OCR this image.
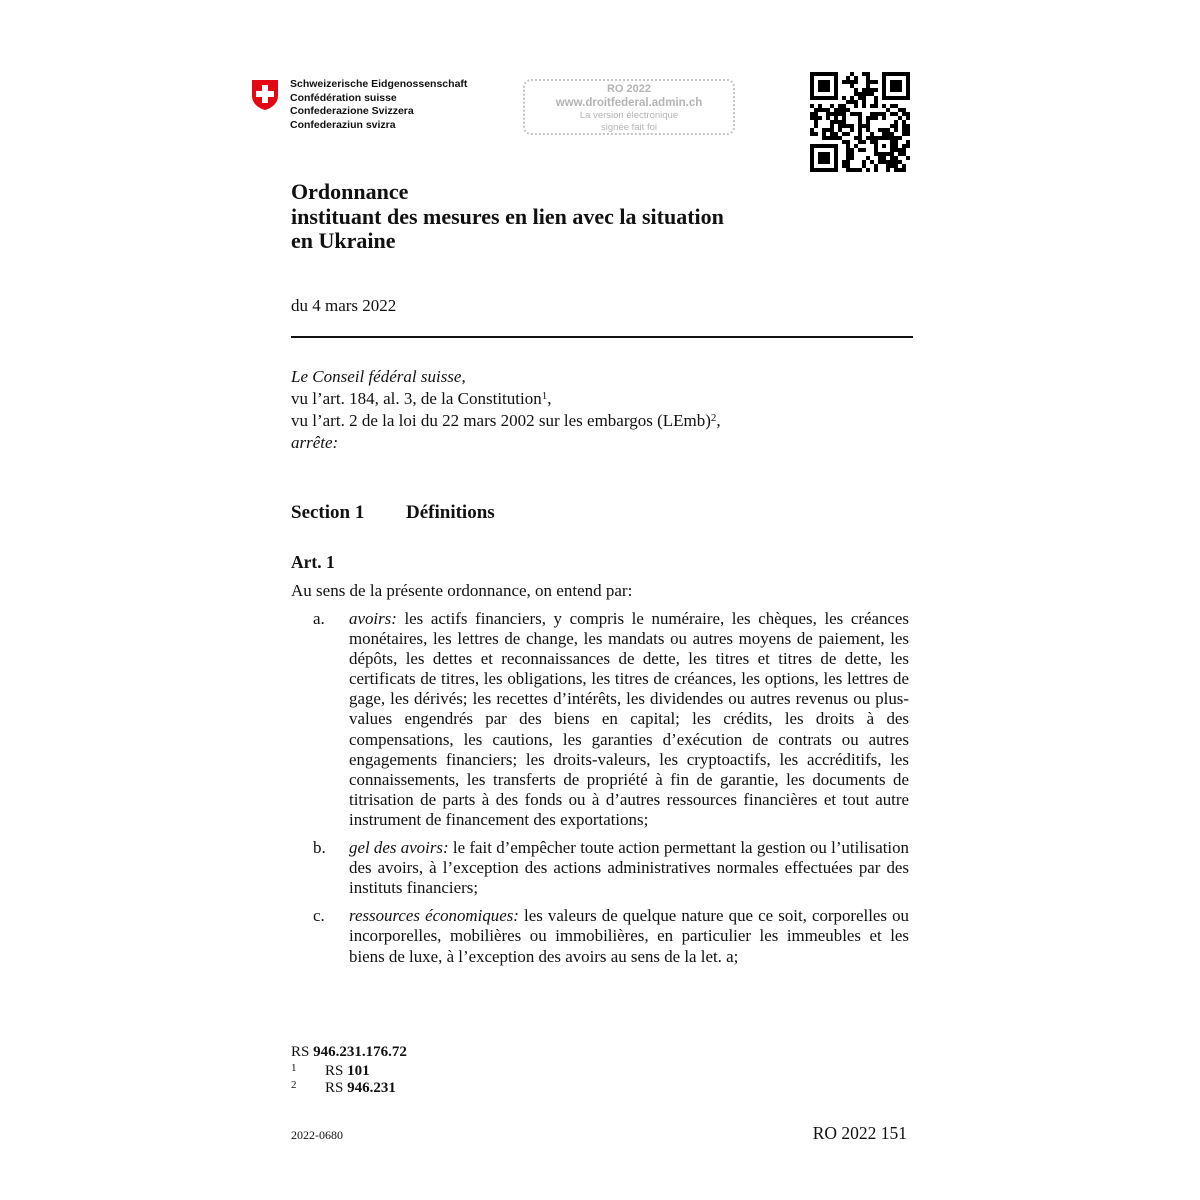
Schweizerische Eidgenossenschaft
Confédération suisse
Confederazione Svizzera
Confederaziun svizra
RO 2022
www.droitfederal.admin.ch
La version électronique
signée fait foi
Ordonnance
instituant des mesures en lien avec la situation
en Ukraine
du 4 mars 2022
Le Conseil fédéral suisse,
vu l’art. 184, al. 3, de la Constitution$^1$,
vu l’art. 2 de la loi du 22 mars 2002 sur les embargos (LEmb)$^2$,
arrête:
Section 1 Définitions
Art. 1
Au sens de la présente ordonnance, on entend par:
a. avoirs: les actifs financiers, y compris le numéraire, les chèques, les créances monétaires, les lettres de change, les mandats ou autres moyens de paiement, les dépôts, les dettes et reconnaissances de dette, les titres et titres de dette, les certificats de titres, les obligations, les titres de créances, les options, les lettres de gage, les dérivés; les recettes d’intérêts, les dividendes ou autres revenus ou plus-values engendrés par des biens en capital; les crédits, les droits à des compensations, les cautions, les garanties d’exécution de contrats ou autres engagements financiers; les droits-valeurs, les cryptoactifs, les accréditifs, les connaissements, les transferts de propriété à fin de garantie, les documents de titrisation de parts à des fonds ou à d’autres ressources financières et tout autre instrument de financement des exportations;
b. gel des avoirs: le fait d’empêcher toute action permettant la gestion ou l’utilisation des avoirs, à l’exception des actions administratives normales effectuées par des instituts financiers;
c. ressources économiques: les valeurs de quelque nature que ce soit, corporelles ou incorporelles, mobilières ou immobilières, en particulier les immeubles et les biens de luxe, à l’exception des avoirs au sens de la let. a;
RS 946.231.176.72
$^1$ RS 101
$^2$ RS 946.231
2022-0680	RO 2022 151
